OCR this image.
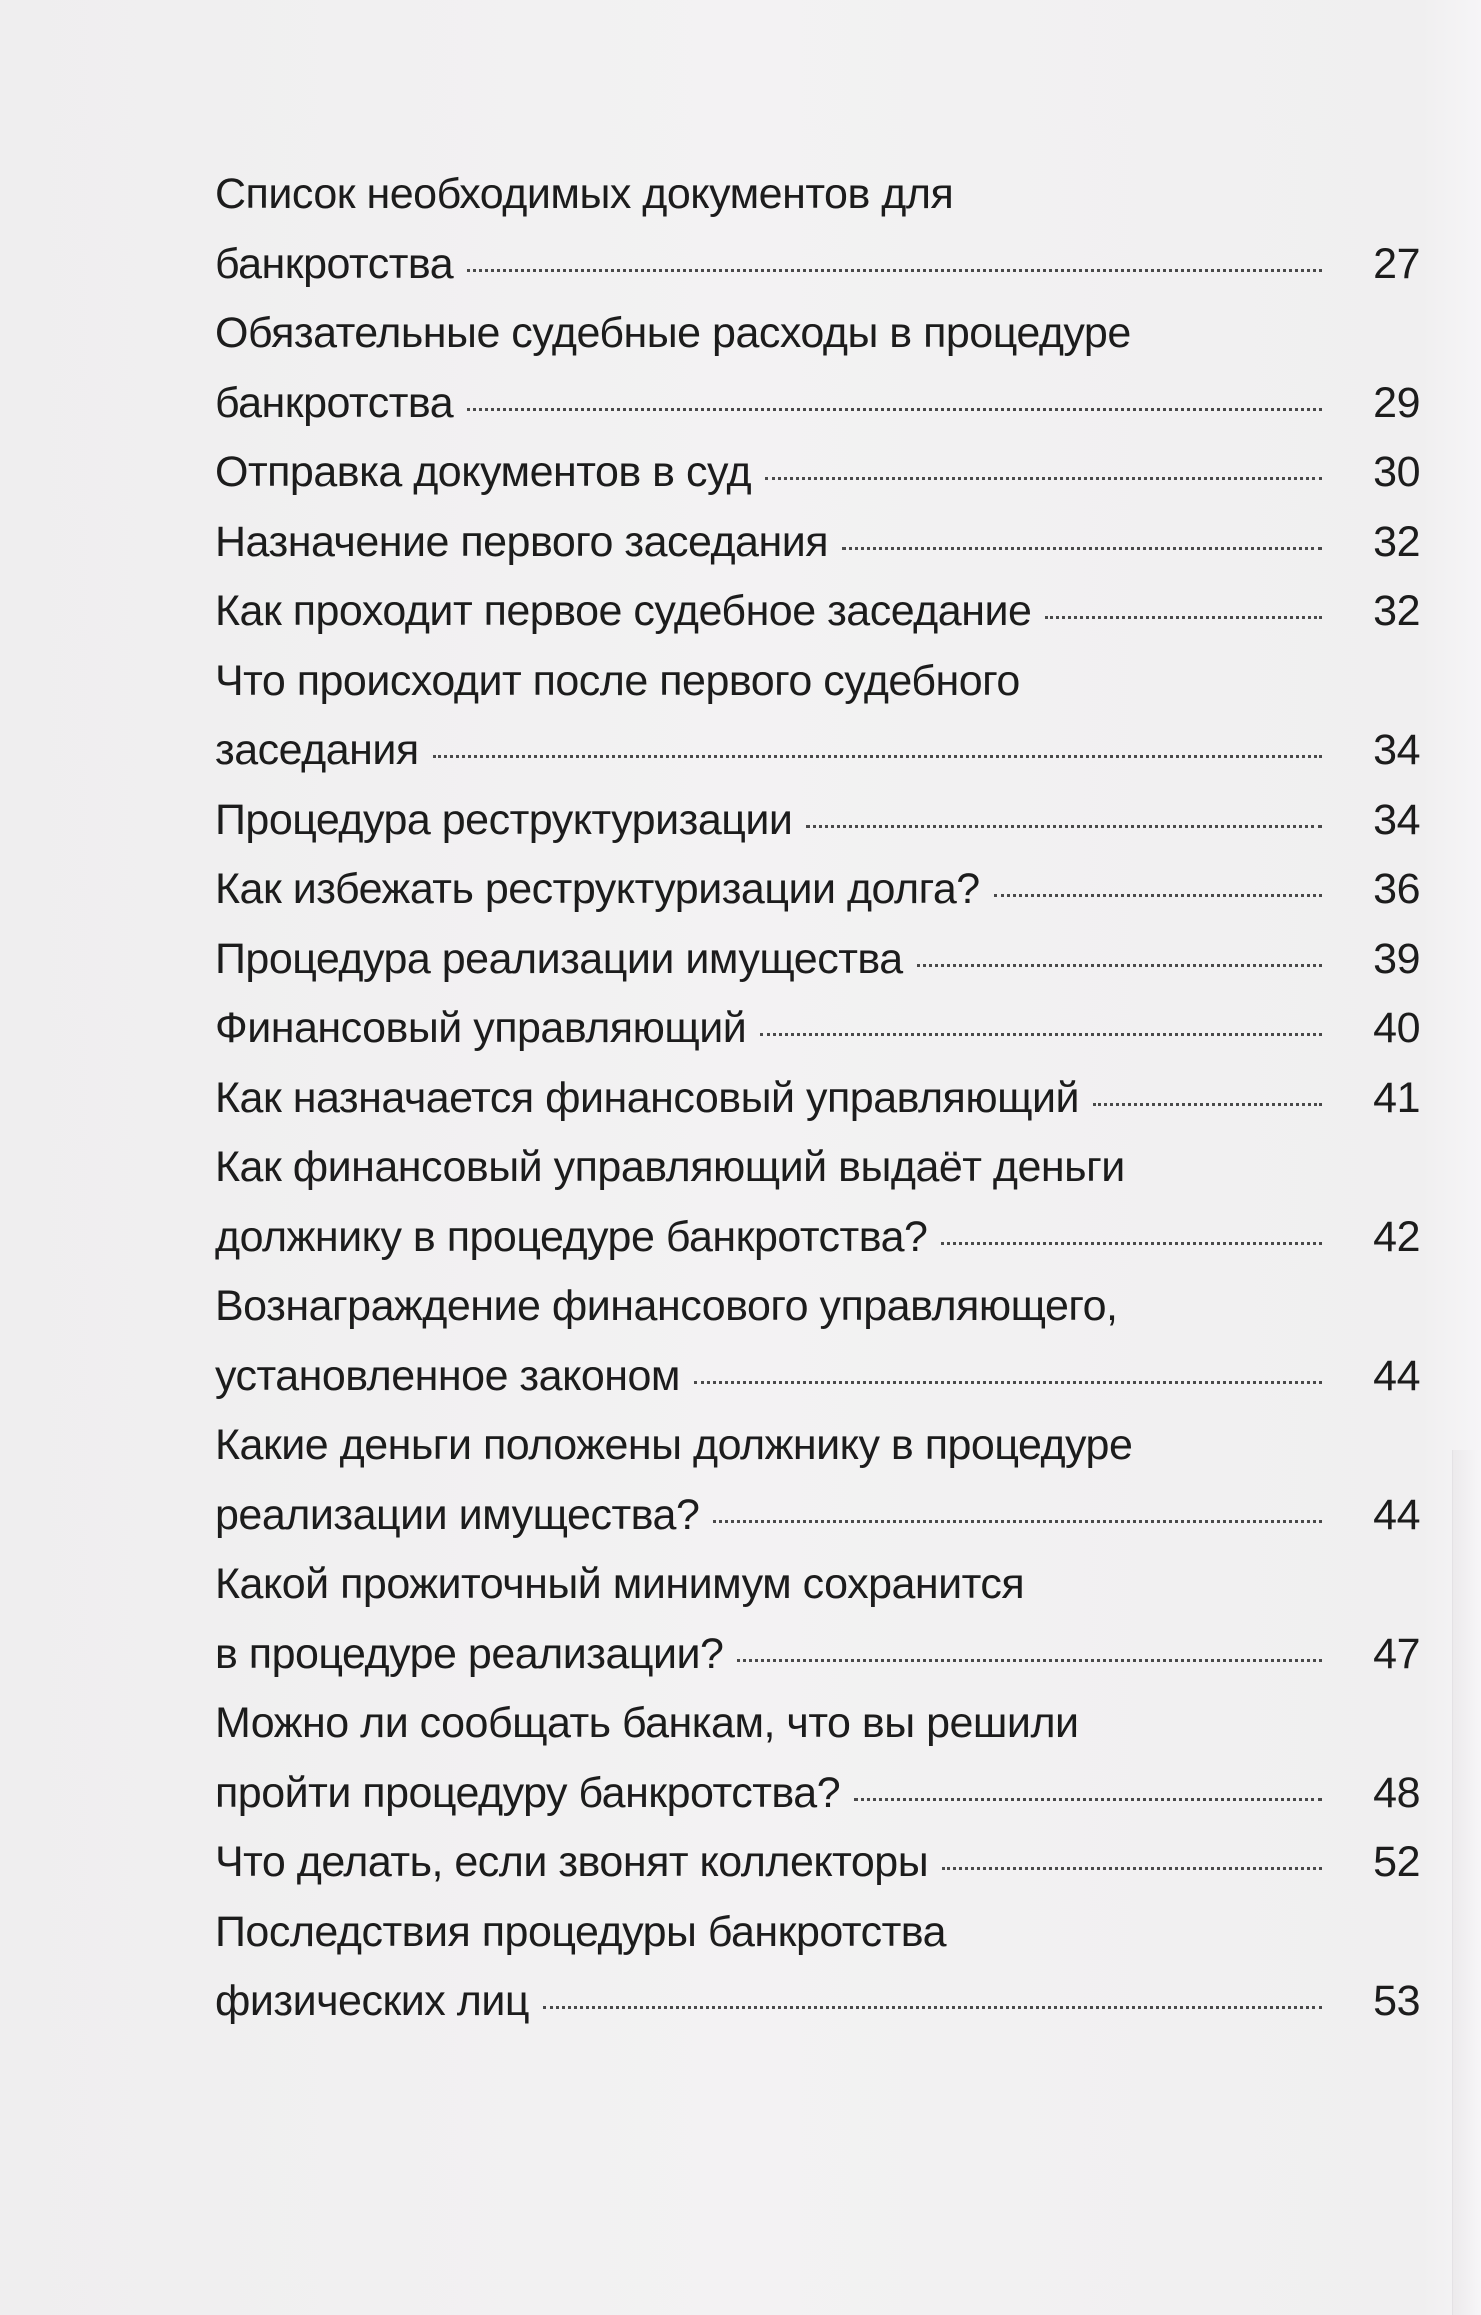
Список необходимых документов для
банкротства	27
Обязательные судебные расходы в процедуре
банкротства	29
Отправка документов в суд	30
Назначение первого заседания	32
Как проходит первое судебное заседание	32
Что происходит после первого судебного
заседания	34
Процедура реструктуризации	34
Как избежать реструктуризации долга?	36
Процедура реализации имущества	39
Финансовый управляющий	40
Как назначается финансовый управляющий	41
Как финансовый управляющий выдаёт деньги
должнику в процедуре банкротства?	42
Вознаграждение финансового управляющего,
установленное законом	44
Какие деньги положены должнику в процедуре
реализации имущества?	44
Какой прожиточный минимум сохранится
в процедуре реализации?	47
Можно ли сообщать банкам, что вы решили
пройти процедуру банкротства?	48
Что делать, если звонят коллекторы	52
Последствия процедуры банкротства
физических лиц	53
